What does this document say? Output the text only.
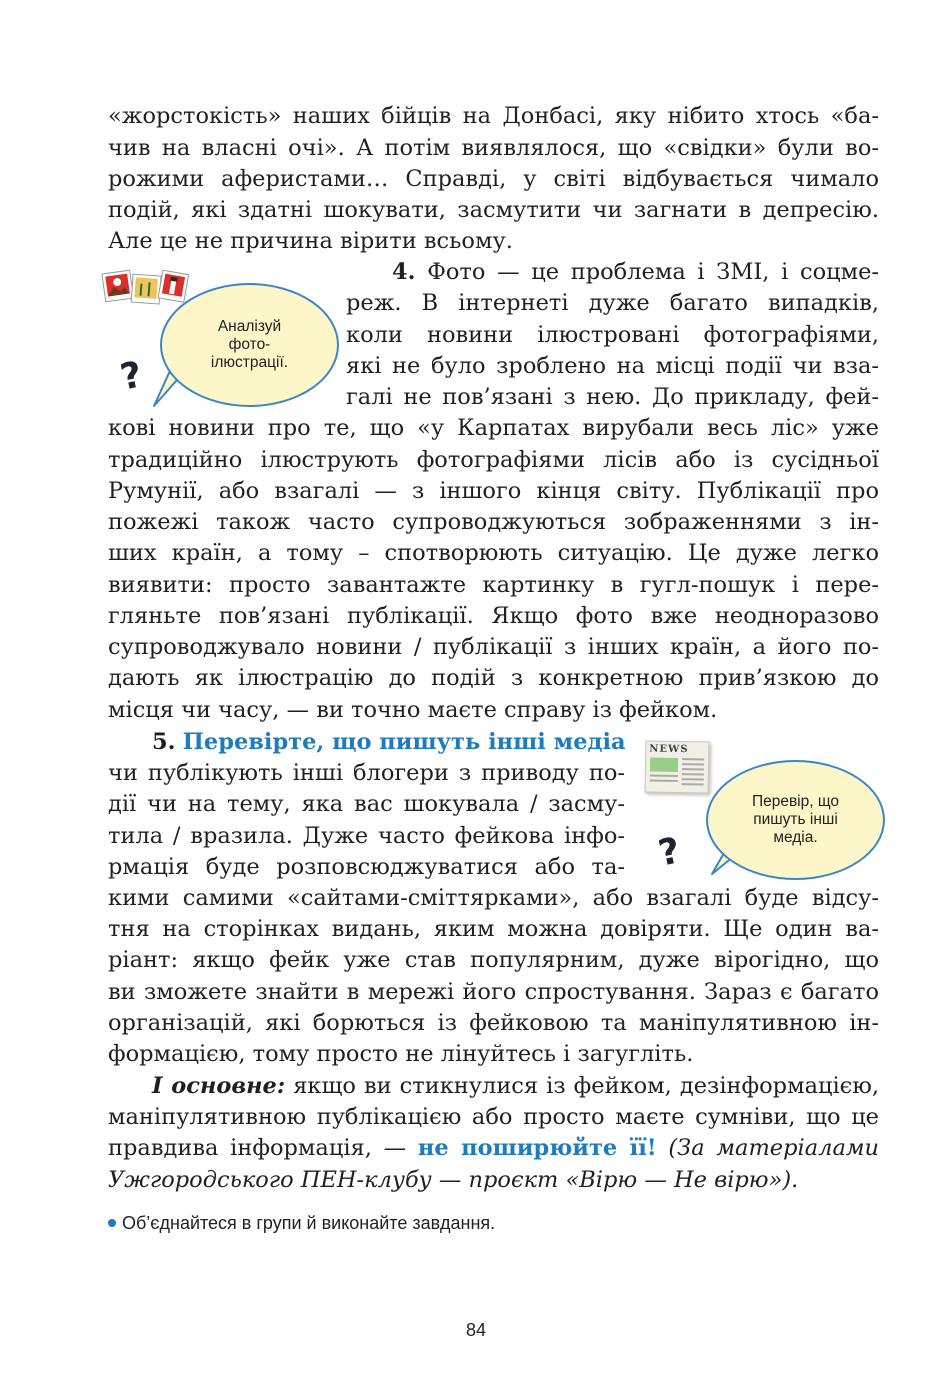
«жорстокість» наших бійців на Донбасі, яку нібито хтось «ба-
чив на власні очі». А потім виявлялося, що «свідки» були во-
рожими аферистами… Справді, у світі відбувається чимало
подій, які здатні шокувати, засмутити чи загнати в депресію.
Але це не причина вірити всьому.
Аналізуй
фото-
ілюстрації.
?
4. Фото — це проблема і ЗМІ, і соцме-
реж. В інтернеті дуже багато випадків,
коли новини ілюстровані фотографіями,
які не було зроблено на місці події чи вза-
галі не пов’язані з нею. До прикладу, фей-
кові новини про те, що «у Карпатах вирубали весь ліс» уже
традиційно ілюструють фотографіями лісів або із сусідньої
Румунії, або взагалі — з іншого кінця світу. Публікації про
пожежі також часто супроводжуються зображеннями з ін-
ших країн, а тому – спотворюють ситуацію. Це дуже легко
виявити: просто завантажте картинку в гугл-пошук і пере-
гляньте пов’язані публікації. Якщо фото вже неодноразово
супроводжувало новини / публікації з інших країн, а його по-
дають як ілюстрацію до подій з конкретною прив’язкою до
місця чи часу, — ви точно маєте справу із фейком.
5. Перевірте, що пишуть інші медіа
чи публікують інші блогери з приводу по-
дії чи на тему, яка вас шокувала / засму-
тила / вразила. Дуже часто фейкова інфо-
рмація буде розповсюджуватися або та-
кими самими «сайтами-сміттярками», або взагалі буде відсу-
тня на сторінках видань, яким можна довіряти. Ще один ва-
ріант: якщо фейк уже став популярним, дуже вірогідно, що
ви зможете знайти в мережі його спростування. Зараз є багато
організацій, які борються із фейковою та маніпулятивною ін-
формацією, тому просто не лінуйтесь і загугліть.
NEWS
Перевір, що
пишуть інші
медіа.
?
І основне: якщо ви стикнулися із фейком, дезінформацією,
маніпулятивною публікацією або просто маєте сумніви, що це
правдива інформація, — не поширюйте її! (За матеріалами
Ужгородського ПЕН-клубу — проєкт «Вірю — Не вірю»).
Об’єднайтеся в групи й виконайте завдання.
84
